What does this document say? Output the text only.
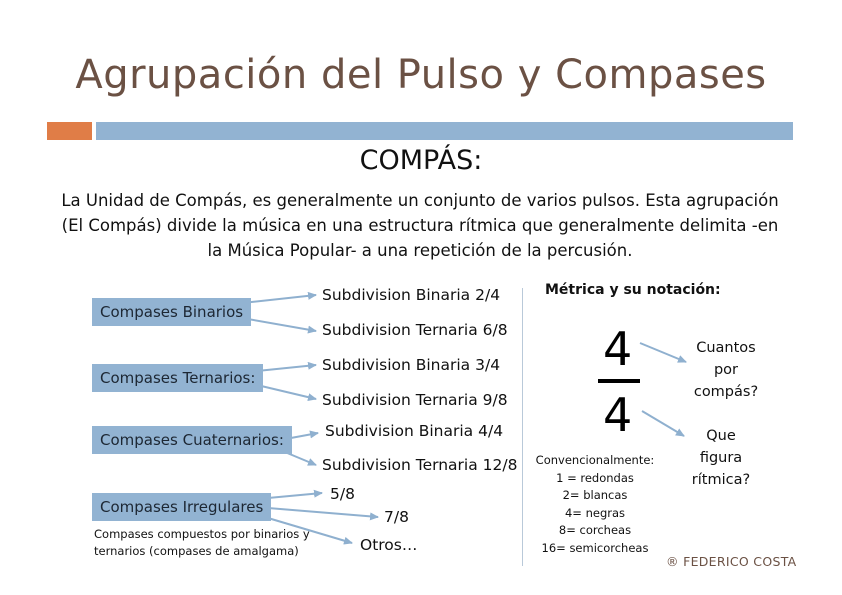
Agrupación del Pulso y Compases
COMPÁS:
La Unidad de Compás, es generalmente un conjunto de varios pulsos. Esta agrupación (El Compás) divide la música en una estructura rítmica que generalmente delimita -en la Música Popular- a una repetición de la percusión.
Compases Binarios
Compases Ternarios:
Compases Cuaternarios:
Compases Irregulares
Subdivision Binaria 2/4
Subdivision Ternaria 6/8
Subdivision Binaria 3/4
Subdivision Ternaria 9/8
Subdivision Binaria 4/4
Subdivision Ternaria 12/8
5/8
7/8
Otros…
Compases compuestos por binarios y ternarios (compases de amalgama)
Métrica y su notación:
4
4
Cuantos
por
compás?
Que
figura
rítmica?
Convencionalmente:
1 = redondas
2= blancas
4= negras
8= corcheas
16= semicorcheas
® FEDERICO COSTA
